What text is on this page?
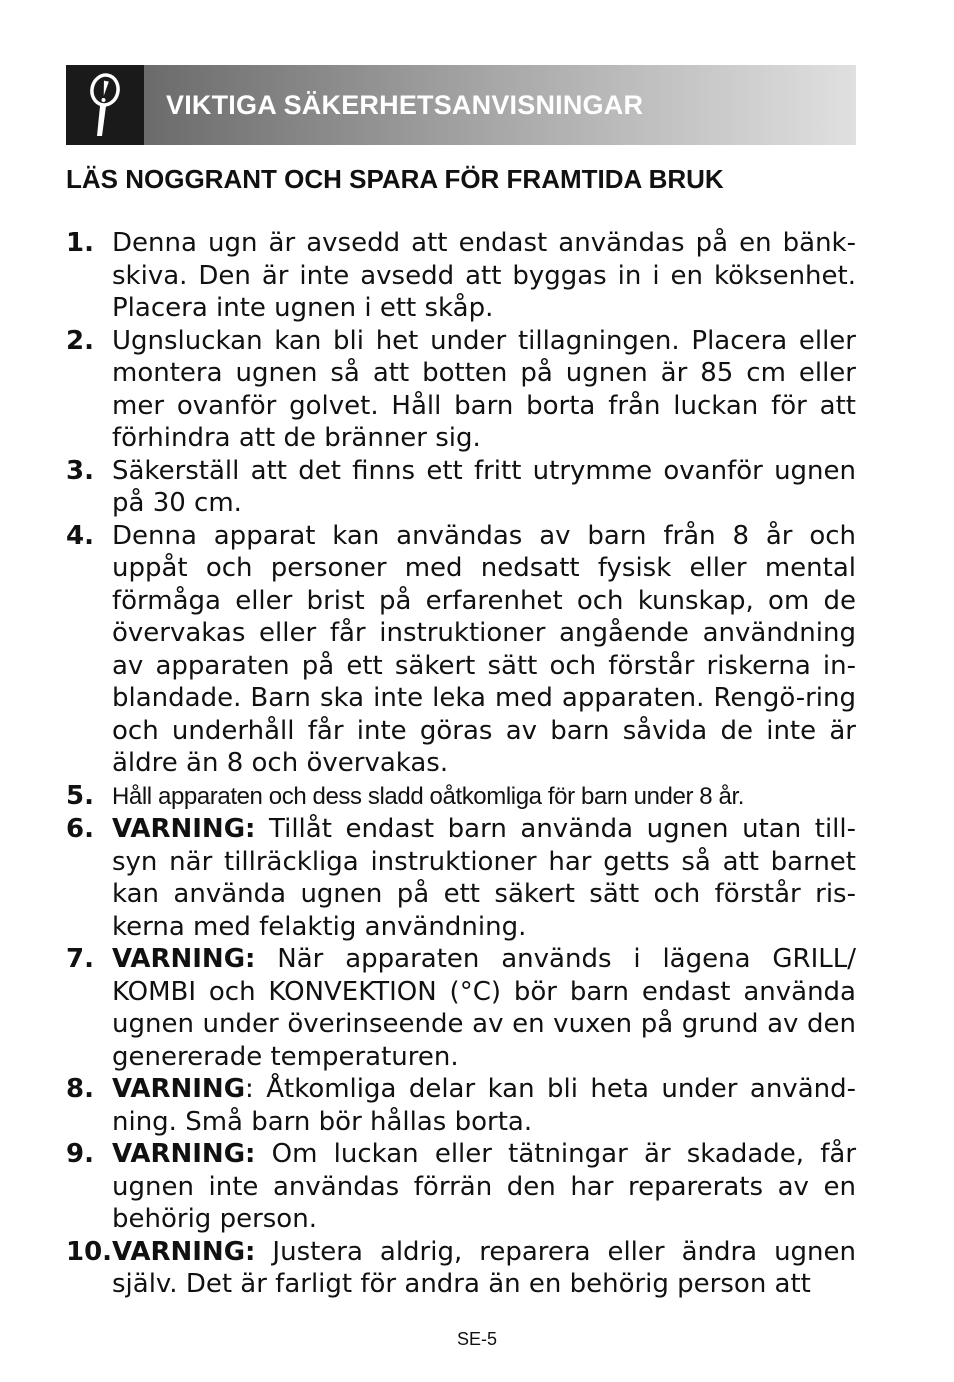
VIKTIGA SÄKERHETSANVISNINGAR
LÄS NOGGRANT OCH SPARA FÖR FRAMTIDA BRUK
1. Denna ugn är avsedd att endast användas på en bänk-skiva. Den är inte avsedd att byggas in i en köksenhet. Placera inte ugnen i ett skåp.
2. Ugnsluckan kan bli het under tillagningen. Placera eller montera ugnen så att botten på ugnen är 85 cm eller mer ovanför golvet. Håll barn borta från luckan för att förhindra att de bränner sig.
3. Säkerställ att det finns ett fritt utrymme ovanför ugnen på 30 cm.
4. Denna apparat kan användas av barn från 8 år och uppåt och personer med nedsatt fysisk eller mental förmåga eller brist på erfarenhet och kunskap, om de övervakas eller får instruktioner angående användning av apparaten på ett säkert sätt och förstår riskerna in-blandade. Barn ska inte leka med apparaten. Rengö-ring och underhåll får inte göras av barn såvida de inte är äldre än 8 och övervakas.
5. Håll apparaten och dess sladd oåtkomliga för barn under 8 år.
6. VARNING: Tillåt endast barn använda ugnen utan till-syn när tillräckliga instruktioner har getts så att barnet kan använda ugnen på ett säkert sätt och förstår ris-kerna med felaktig användning.
7. VARNING: När apparaten används i lägena GRILL/ KOMBI och KONVEKTION (°C) bör barn endast använda ugnen under överinseende av en vuxen på grund av den genererade temperaturen.
8. VARNING: Åtkomliga delar kan bli heta under använd-ning. Små barn bör hållas borta.
9. VARNING: Om luckan eller tätningar är skadade, får ugnen inte användas förrän den har reparerats av en behörig person.
10. VARNING: Justera aldrig, reparera eller ändra ugnen själv. Det är farligt för andra än en behörig person att
SE-5
